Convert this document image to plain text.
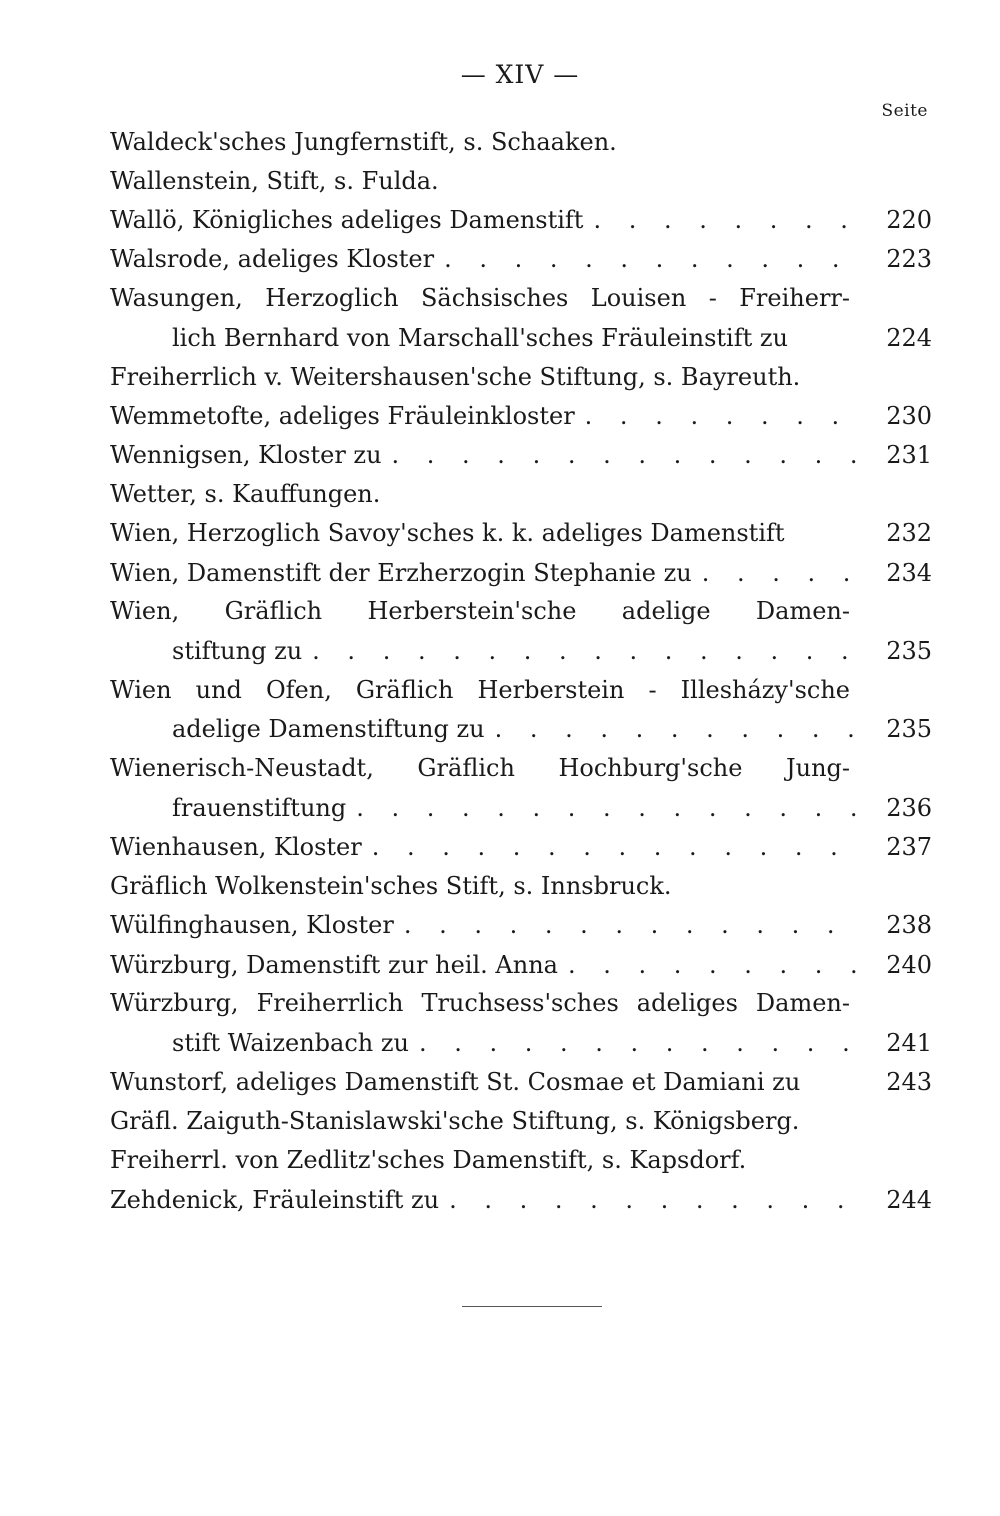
— XIV —
Seite
Waldeck'sches Jungfernstift, s. Schaaken.
Wallenstein, Stift, s. Fulda.
Wallö, Königliches adeliges Damenstift . . .	220
Walsrode, adeliges Kloster . . .	223
Wasungen, Herzoglich Sächsisches Louisen - Freiherr-
lich Bernhard von Marschall'sches Fräuleinstift zu	224
Freiherrlich v. Weitershausen'sche Stiftung, s. Bayreuth.
Wemmetofte, adeliges Fräuleinkloster . . .	230
Wennigsen, Kloster zu . . .	231
Wetter, s. Kauffungen.
Wien, Herzoglich Savoy'sches k. k. adeliges Damenstift	232
Wien, Damenstift der Erzherzogin Stephanie zu . . .	234
Wien, Gräflich Herberstein'sche adelige Damen-
stiftung zu . . .	235
Wien und Ofen, Gräflich Herberstein - Illesházy'sche
adelige Damenstiftung zu . . .	235
Wienerisch-Neustadt, Gräflich Hochburg'sche Jung-
frauenstiftung . . .	236
Wienhausen, Kloster . . .	237
Gräflich Wolkenstein'sches Stift, s. Innsbruck.
Wülfinghausen, Kloster . . .	238
Würzburg, Damenstift zur heil. Anna . . .	240
Würzburg, Freiherrlich Truchsess'sches adeliges Damen-
stift Waizenbach zu . . .	241
Wunstorf, adeliges Damenstift St. Cosmae et Damiani zu	243
Gräfl. Zaiguth-Stanislawski'sche Stiftung, s. Königsberg.
Freiherrl. von Zedlitz'sches Damenstift, s. Kapsdorf.
Zehdenick, Fräuleinstift zu . . .	244
